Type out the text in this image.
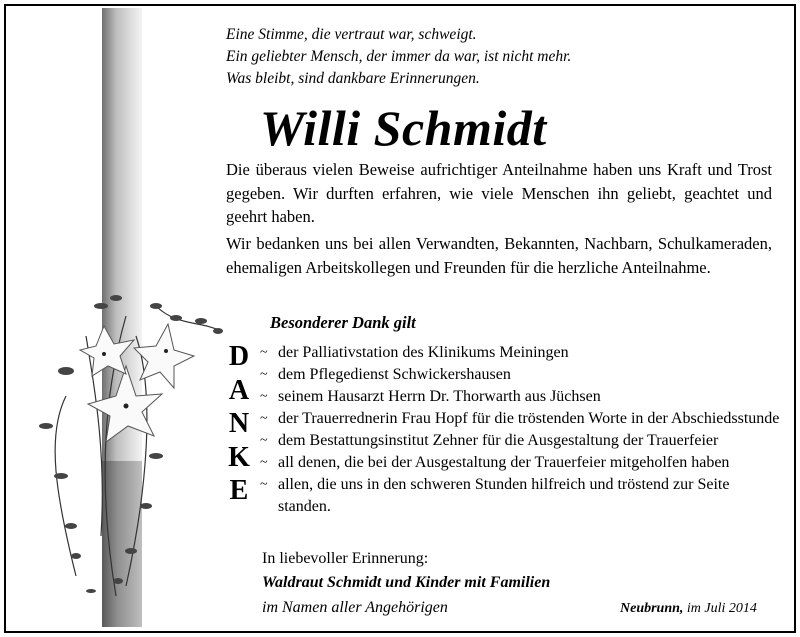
Eine Stimme, die vertraut war, schweigt.
Ein geliebter Mensch, der immer da war, ist nicht mehr.
Was bleibt, sind dankbare Erinnerungen.
Willi Schmidt
Die überaus vielen Beweise aufrichtiger Anteilnahme haben uns Kraft und Trost gegeben. Wir durften erfahren, wie viele Menschen ihn geliebt, geachtet und geehrt haben.
Wir bedanken uns bei allen Verwandten, Bekannten, Nachbarn, Schulkameraden, ehemaligen Arbeitskollegen und Freunden für die herzliche Anteilnahme.
Besonderer Dank gilt
D
A
N
K
E
~ der Palliativstation des Klinikums Meiningen
~ dem Pflegedienst Schwickershausen
~ seinem Hausarzt Herrn Dr. Thorwarth aus Jüchsen
~ der Trauerrednerin Frau Hopf für die tröstenden Worte in der Abschiedsstunde
~ dem Bestattungsinstitut Zehner für die Ausgestaltung der Trauerfeier
~ all denen, die bei der Ausgestaltung der Trauerfeier mitgeholfen haben
~ allen, die uns in den schweren Stunden hilfreich und tröstend zur Seite standen.
In liebevoller Erinnerung:
Waldraut Schmidt und Kinder mit Familien
im Namen aller Angehörigen	Neubrunn, im Juli 2014
